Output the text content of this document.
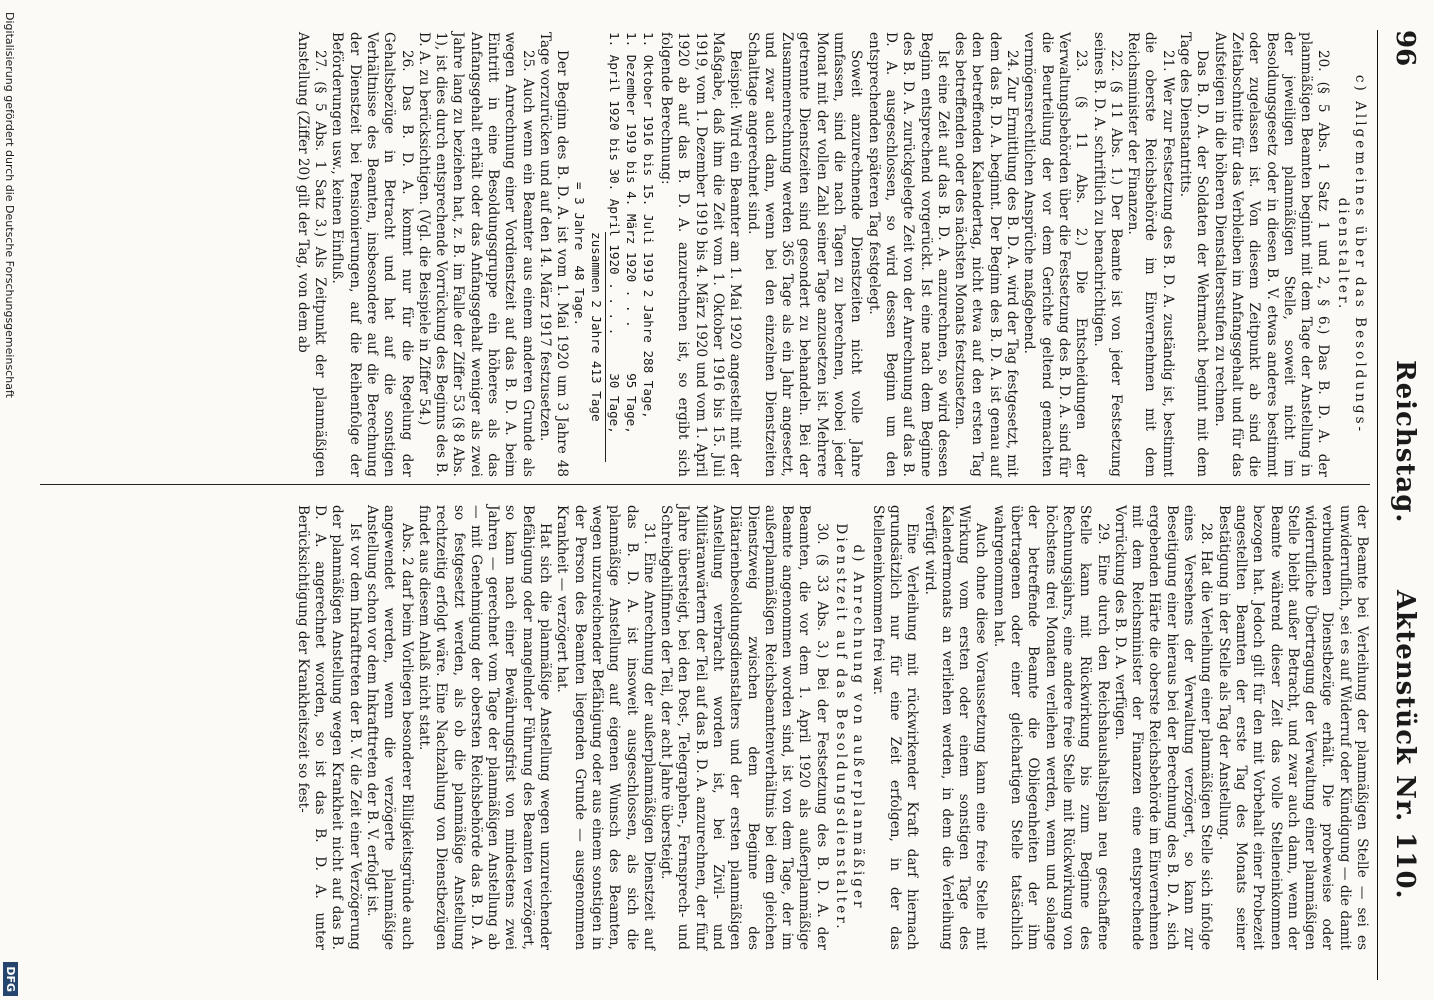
96
Reichstag.
Aktenstück Nr. 110.

c) Allgemeines über das Besoldungs-dienstalter.

20. (§ 5 Abs. 1 Satz 1 und 2, § 6.) Das B. D. A. der planmäßigen Beamten beginnt mit dem Tage der Anstellung in der jeweiligen planmäßigen Stelle, soweit nicht im Besoldungsgesetz oder in diesen B. V. etwas anderes bestimmt oder zugelassen ist. Von diesem Zeitpunkt ab sind die Zeitabschnitte für das Verbleiben im Anfangsgehalt und für das Aufsteigen in die höheren Dienstaltersstufen zu rechnen.

Das B. D. A. der Soldaten der Wehrmacht beginnt mit dem Tage des Dienstantritts.

21. Wer zur Festsetzung des B. D. A. zuständig ist, bestimmt die oberste Reichsbehörde im Einvernehmen mit dem Reichsminister der Finanzen.

22. (§ 11 Abs. 1.) Der Beamte ist von jeder Festsetzung seines B. D. A. schriftlich zu benachrichtigen.

23. (§ 11 Abs. 2.) Die Entscheidungen der Verwaltungsbehörden über die Festsetzung des B. D. A. sind für die Beurteilung der vor dem Gerichte geltend gemachten vermögensrechtlichen Ansprüche maßgebend.

24. Zur Ermittlung des B. D. A. wird der Tag festgesetzt, mit dem das B. D. A. beginnt. Der Beginn des B. D. A. ist genau auf den betreffenden Kalendertag, nicht etwa auf den ersten Tag des betreffenden oder des nächsten Monats festzusetzen.

Ist eine Zeit auf das B. D. A. anzurechnen, so wird dessen Beginn entsprechend vorgerückt. Ist eine nach dem Beginne des B. D. A. zurückgelegte Zeit von der Anrechnung auf das B. D. A. ausgeschlossen, so wird dessen Beginn um den entsprechenden späteren Tag festgelegt.

Soweit anzurechnende Dienstzeiten nicht volle Jahre umfassen, sind die nach Tagen zu berechnen, wobei jeder Monat mit der vollen Zahl seiner Tage anzusetzen ist. Mehrere getrennte Dienstzeiten sind gesondert zu behandeln. Bei der Zusammenrechnung werden 365 Tage als ein Jahr angesetzt, und zwar auch dann, wenn bei den einzelnen Dienstzeiten Schalttage angerechnet sind.

Beispiel: Wird ein Beamter am 1. Mai 1920 angestellt mit der Maßgabe, daß ihm die Zeit vom 1. Oktober 1916 bis 15. Juli 1919, vom 1. Dezember 1919 bis 4. März 1920 und vom 1. April 1920 ab auf das B. D. A. anzurechnen ist, so ergibt sich folgende Berechnung:

1. Oktober 1916 bis 15. Juli 1919 2 Jahre 288 Tage,

1. Dezember 1919 bis 4. März 1920 . . .      95 Tage,

1. April 1920 bis 30. April 1920 . . . .     30 Tage,

zusammen 2 Jahre 413 Tage

= 3 Jahre  48 Tage.

Der Beginn des B. D. A. ist vom 1. Mai 1920 um 3 Jahre 48 Tage vorzurücken und auf den 14. März 1917 festzusetzen.

25. Auch wenn ein Beamter aus einem anderen Grunde als wegen Anrechnung einer Vordienstzeit auf das B. D. A. beim Eintritt in eine Besoldungsgruppe ein höheres als das Anfangsgehalt erhält oder das Anfangsgehalt weniger als zwei Jahre lang zu beziehen hat, z. B. im Falle der Ziffer 53 (§ 8 Abs. 1), ist dies durch entsprechende Vorrückung des Beginns des B. D. A. zu berücksichtigen. (Vgl. die Beispiele in Ziffer 54.)

26. Das B. D. A. kommt nur für die Regelung der Gehaltsbezüge in Betracht und hat auf die sonstigen Verhältnisse des Beamten, insbesondere auf die Berechnung der Dienstzeit bei Pensionierungen, auf die Reihenfolge der Beförderungen usw., keinen Einfluß.

27. (§ 5 Abs. 1 Satz 3.) Als Zeitpunkt der planmäßigen Anstellung (Ziffer 20) gilt der Tag, von dem ab

der Beamte bei Verleihung der planmäßigen Stelle — sei es unwiderruflich, sei es auf Widerruf oder Kündigung — die damit verbundenen Dienstbezüge erhält. Die probeweise oder widerrufliche Übertragung der Verwaltung einer planmäßigen Stelle bleibt außer Betracht, und zwar auch dann, wenn der Beamte während dieser Zeit das volle Stelleneinkommen bezogen hat. Jedoch gilt für den mit Vorbehalt einer Probezeit angestellten Beamten der erste Tag des Monats seiner Bestätigung in der Stelle als Tag der Anstellung.

28. Hat die Verleihung einer planmäßigen Stelle sich infolge eines Versehens der Verwaltung verzögert, so kann zur Beseitigung einer hieraus bei der Berechnung des B. D. A. sich ergebenden Härte die oberste Reichsbehörde im Einvernehmen mit dem Reichsminister der Finanzen eine entsprechende Vorrückung des B. D. A. verfügen.

29. Eine durch den Reichshaushaltsplan neu geschaffene Stelle kann mit Rückwirkung bis zum Beginne des Rechnungsjahrs, eine andere freie Stelle mit Rückwirkung von höchstens drei Monaten verliehen werden, wenn und solange der betreffende Beamte die Obliegenheiten der ihm übertragenen oder einer gleichartigen Stelle tatsächlich wahrgenommen hat.

Auch ohne diese Voraussetzung kann eine freie Stelle mit Wirkung vom ersten oder einem sonstigen Tage des Kalendermonats an verliehen werden, in dem die Verleihung verfügt wird.

Eine Verleihung mit rückwirkender Kraft darf hiernach grundsätzlich nur für eine Zeit erfolgen, in der das Stelleneinkommen frei war.

d) Anrechnung von außerplanmäßiger Dienstzeit auf das Besoldungsdienstalter.

30. (§ 33 Abs. 3.) Bei der Festsetzung des B. D. A. der Beamten, die vor dem 1. April 1920 als außerplanmäßige Beamte angenommen worden sind, ist von dem Tage, der im außerplanmäßigen Reichsbeamtenverhältnis bei dem gleichen Dienstzweig zwischen dem Beginne des Diätarienbesoldungsdienstalters und der ersten planmäßigen Anstellung verbracht worden ist, bei Zivil- und Militäranwärtern der Teil auf das B. D. A. anzurechnen, der fünf Jahre übersteigt, bei den Post-, Telegraphen-, Fernsprech- und Schreibgehilfinnen der Teil, der acht Jahre übersteigt.

31. Eine Anrechnung der außerplanmäßigen Dienstzeit auf das B. D. A. ist insoweit ausgeschlossen, als sich die planmäßige Anstellung auf eigenen Wunsch des Beamten, wegen unzureichender Befähigung oder aus einem sonstigen in der Person des Beamten liegenden Grunde — ausgenommen Krankheit — verzögert hat.

Hat sich die planmäßige Anstellung wegen unzureichender Befähigung oder mangelnder Führung des Beamten verzögert, so kann nach einer Bewährungsfrist von mindestens zwei Jahren — gerechnet vom Tage der planmäßigen Anstellung ab — mit Genehmigung der obersten Reichsbehörde das B. D. A. so festgesetzt werden, als ob die planmäßige Anstellung rechtzeitig erfolgt wäre. Eine Nachzahlung von Dienstbezügen findet aus diesem Anlaß nicht statt.

Abs. 2 darf beim Vorliegen besonderer Billigkeitsgründe auch angewendet werden, wenn die verzögerte planmäßige Anstellung schon vor dem Inkrafttreten der B. V. erfolgt ist.

Ist vor dem Inkrafttreten der B. V. die Zeit einer Verzögerung der planmäßigen Anstellung wegen Krankheit nicht auf das B. D. A. angerechnet worden, so ist das B. D. A. unter Berücksichtigung der Krankheitszeit so fest-

Digitalisierung gefördert durch die Deutsche Forschungsgemeinschaft
DFG
